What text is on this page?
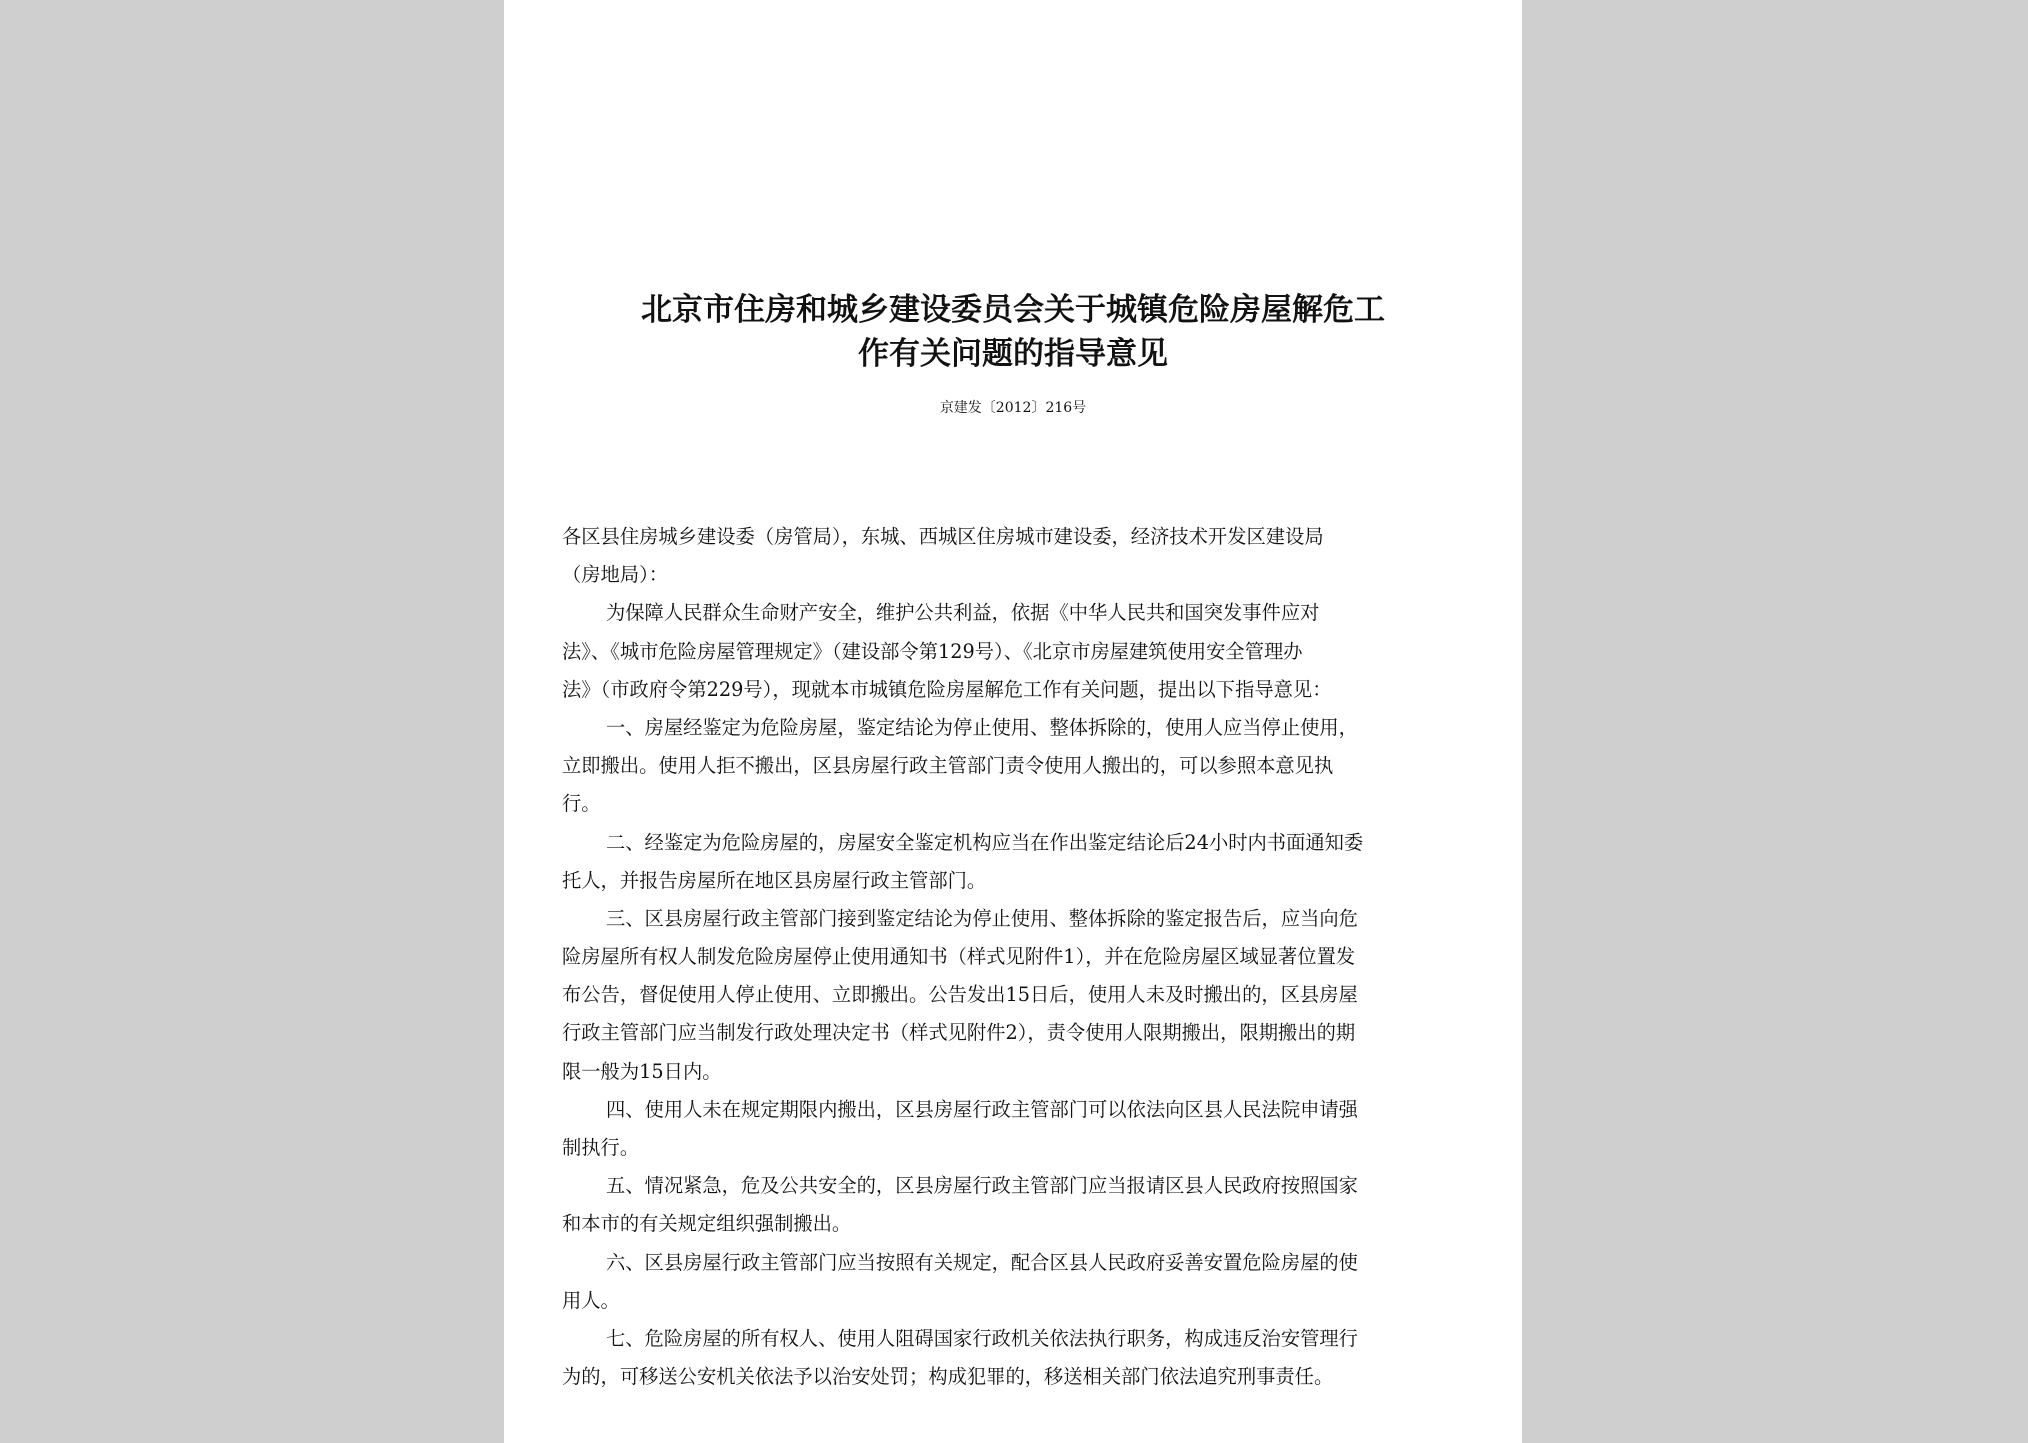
北京市住房和城乡建设委员会关于城镇危险房屋解危工
作有关问题的指导意见
京建发〔2012〕216号
各区县住房城乡建设委（房管局），东城、西城区住房城市建设委，经济技术开发区建设局
（房地局）：
为保障人民群众生命财产安全，维护公共利益，依据《中华人民共和国突发事件应对
法》、《城市危险房屋管理规定》（建设部令第129号）、《北京市房屋建筑使用安全管理办
法》（市政府令第229号），现就本市城镇危险房屋解危工作有关问题，提出以下指导意见：
一、房屋经鉴定为危险房屋，鉴定结论为停止使用、整体拆除的，使用人应当停止使用，
立即搬出。使用人拒不搬出，区县房屋行政主管部门责令使用人搬出的，可以参照本意见执
行。
二、经鉴定为危险房屋的，房屋安全鉴定机构应当在作出鉴定结论后24小时内书面通知委
托人，并报告房屋所在地区县房屋行政主管部门。
三、区县房屋行政主管部门接到鉴定结论为停止使用、整体拆除的鉴定报告后，应当向危
险房屋所有权人制发危险房屋停止使用通知书（样式见附件1），并在危险房屋区域显著位置发
布公告，督促使用人停止使用、立即搬出。公告发出15日后，使用人未及时搬出的，区县房屋
行政主管部门应当制发行政处理决定书（样式见附件2），责令使用人限期搬出，限期搬出的期
限一般为15日内。
四、使用人未在规定期限内搬出，区县房屋行政主管部门可以依法向区县人民法院申请强
制执行。
五、情况紧急，危及公共安全的，区县房屋行政主管部门应当报请区县人民政府按照国家
和本市的有关规定组织强制搬出。
六、区县房屋行政主管部门应当按照有关规定，配合区县人民政府妥善安置危险房屋的使
用人。
七、危险房屋的所有权人、使用人阻碍国家行政机关依法执行职务，构成违反治安管理行
为的，可移送公安机关依法予以治安处罚；构成犯罪的，移送相关部门依法追究刑事责任。
